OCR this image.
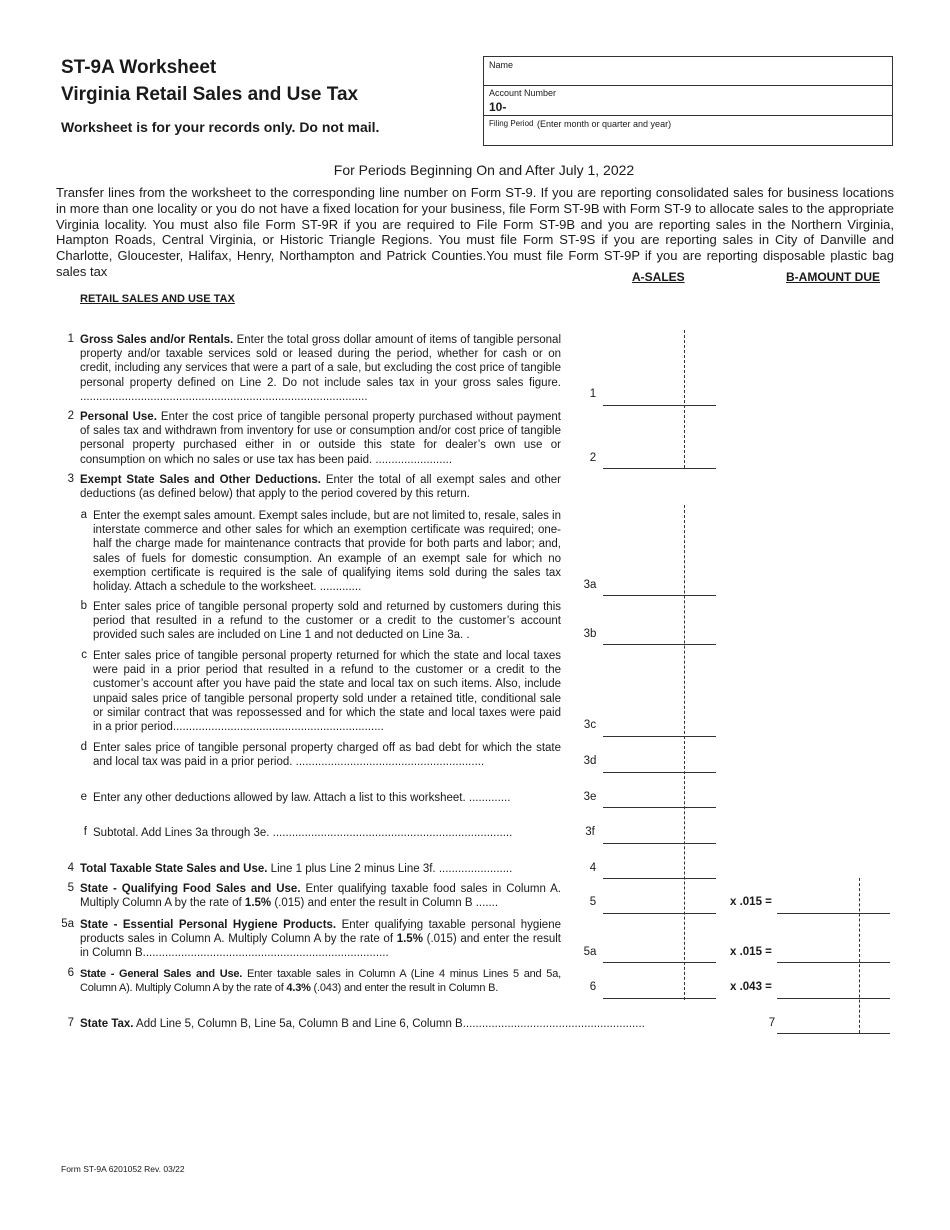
ST-9A Worksheet
Virginia Retail Sales and Use Tax
Worksheet is for your records only. Do not mail.
Name
Account Number
10-
Filing Period (Enter month or quarter and year)
For Periods Beginning On and After July 1, 2022
Transfer lines from the worksheet to the corresponding line number on Form ST-9. If you are reporting consolidated sales for business locations in more than one locality or you do not have a fixed location for your business, file Form ST-9B with Form ST-9 to allocate sales to the appropriate Virginia locality. You must also file Form ST-9R if you are required to File Form ST-9B and you are reporting sales in the Northern Virginia, Hampton Roads, Central Virginia, or Historic Triangle Regions. You must file Form ST-9S if you are reporting sales in City of Danville and Charlotte, Gloucester, Halifax, Henry, Northampton and Patrick Counties.You must file Form ST-9P if you are reporting disposable plastic bag sales tax	A-SALES	B-AMOUNT DUE
RETAIL SALES AND USE TAX
1 Gross Sales and/or Rentals. Enter the total gross dollar amount of items of tangible personal property and/or taxable services sold or leased during the period, whether for cash or on credit, including any services that were a part of a sale, but excluding the cost price of tangible personal property defined on Line 2. Do not include sales tax in your gross sales figure. ..........................................................................................	1
2 Personal Use. Enter the cost price of tangible personal property purchased without payment of sales tax and withdrawn from inventory for use or consumption and/or cost price of tangible personal property purchased either in or outside this state for dealer’s own use or consumption on which no sales or use tax has been paid. ........................	2
3 Exempt State Sales and Other Deductions. Enter the total of all exempt sales and other deductions (as defined below) that apply to the period covered by this return.
a Enter the exempt sales amount. Exempt sales include, but are not limited to, resale, sales in interstate commerce and other sales for which an exemption certificate was required; one-half the charge made for maintenance contracts that provide for both parts and labor; and, sales of fuels for domestic consumption. An example of an exempt sale for which no exemption certificate is required is the sale of qualifying items sold during the sales tax holiday. Attach a schedule to the worksheet. .............	3a
b Enter sales price of tangible personal property sold and returned by customers during this period that resulted in a refund to the customer or a credit to the customer’s account provided such sales are included on Line 1 and not deducted on Line 3a. .	3b
c Enter sales price of tangible personal property returned for which the state and local taxes were paid in a prior period that resulted in a refund to the customer or a credit to the customer’s account after you have paid the state and local tax on such items. Also, include unpaid sales price of tangible personal property sold under a retained title, conditional sale or similar contract that was repossessed and for which the state and local taxes were paid in a prior period..................................................................	3c
d Enter sales price of tangible personal property charged off as bad debt for which the state and local tax was paid in a prior period. ...........................................................	3d
e Enter any other deductions allowed by law. Attach a list to this worksheet. .............	3e
f Subtotal. Add Lines 3a through 3e. ...........................................................................	3f
4 Total Taxable State Sales and Use. Line 1 plus Line 2 minus Line 3f. .......................	4
5 State - Qualifying Food Sales and Use. Enter qualifying taxable food sales in Column A. Multiply Column A by the rate of 1.5% (.015) and enter the result in Column B .......	5	x .015 =
5a State - Essential Personal Hygiene Products. Enter qualifying taxable personal hygiene products sales in Column A. Multiply Column A by the rate of 1.5% (.015) and enter the result in Column B.............................................................................	5a	x .015 =
6 State - General Sales and Use. Enter taxable sales in Column A (Line 4 minus Lines 5 and 5a, Column A). Multiply Column A by the rate of 4.3% (.043) and enter the result in Column B.	6	x .043 =
7 State Tax. Add Line 5, Column B, Line 5a, Column B and Line 6, Column B.........................................................	7
Form ST-9A 6201052 Rev. 03/22
